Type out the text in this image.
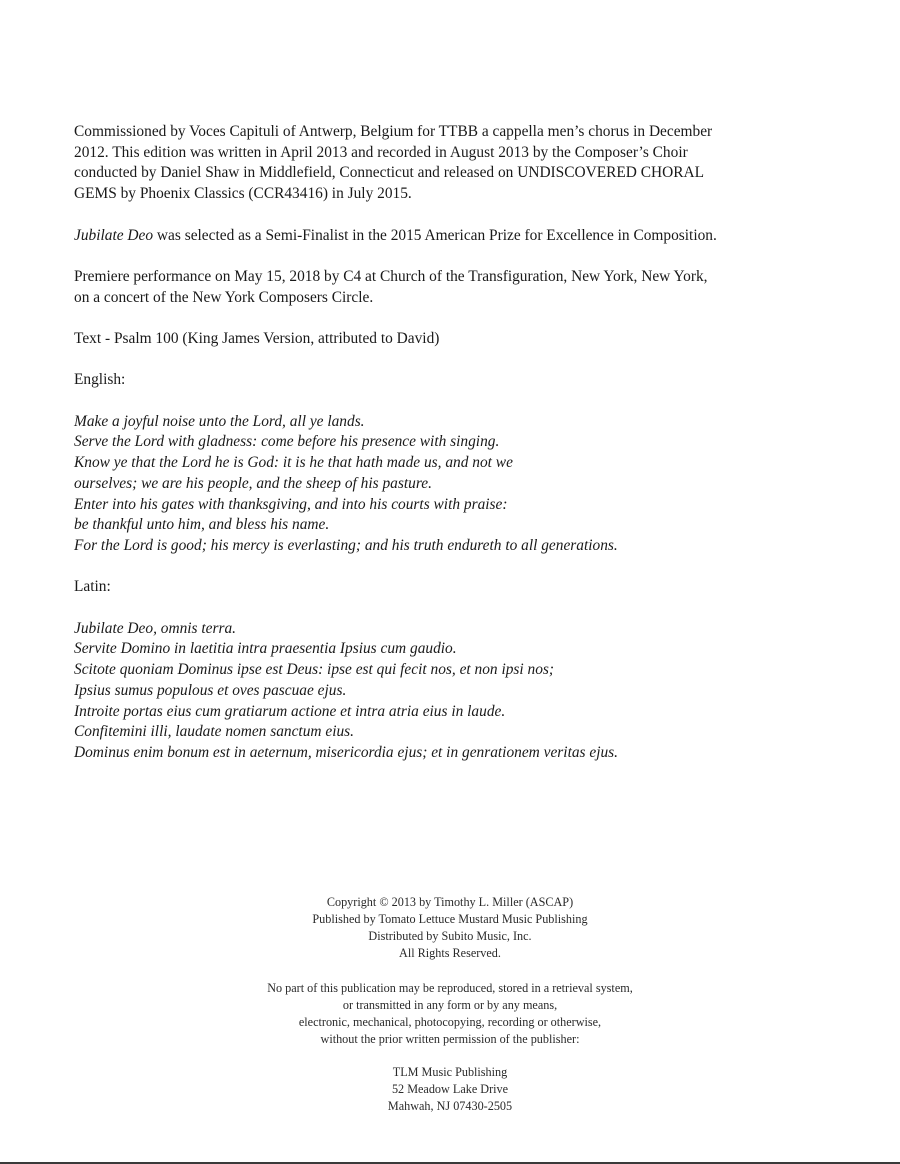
Commissioned by Voces Capituli of Antwerp, Belgium for TTBB a cappella men’s chorus in December
2012. This edition was written in April 2013 and recorded in August 2013 by the Composer’s Choir
conducted by Daniel Shaw in Middlefield, Connecticut and released on UNDISCOVERED CHORAL
GEMS by Phoenix Classics (CCR43416) in July 2015.
Jubilate Deo was selected as a Semi-Finalist in the 2015 American Prize for Excellence in Composition.
Premiere performance on May 15, 2018 by C4 at Church of the Transfiguration, New York, New York,
on a concert of the New York Composers Circle.
Text - Psalm 100 (King James Version, attributed to David)
English:
Make a joyful noise unto the Lord, all ye lands.
Serve the Lord with gladness: come before his presence with singing.
Know ye that the Lord he is God: it is he that hath made us, and not we
ourselves; we are his people, and the sheep of his pasture.
Enter into his gates with thanksgiving, and into his courts with praise:
be thankful unto him, and bless his name.
For the Lord is good; his mercy is everlasting; and his truth endureth to all generations.
Latin:
Jubilate Deo, omnis terra.
Servite Domino in laetitia intra praesentia Ipsius cum gaudio.
Scitote quoniam Dominus ipse est Deus: ipse est qui fecit nos, et non ipsi nos;
Ipsius sumus populous et oves pascuae ejus.
Introite portas eius cum gratiarum actione et intra atria eius in laude.
Confitemini illi, laudate nomen sanctum eius.
Dominus enim bonum est in aeternum, misericordia ejus; et in genrationem veritas ejus.
Copyright © 2013 by Timothy L. Miller (ASCAP)
Published by Tomato Lettuce Mustard Music Publishing
Distributed by Subito Music, Inc.
All Rights Reserved.
No part of this publication may be reproduced, stored in a retrieval system,
or transmitted in any form or by any means,
electronic, mechanical, photocopying, recording or otherwise,
without the prior written permission of the publisher:
TLM Music Publishing
52 Meadow Lake Drive
Mahwah, NJ 07430-2505
